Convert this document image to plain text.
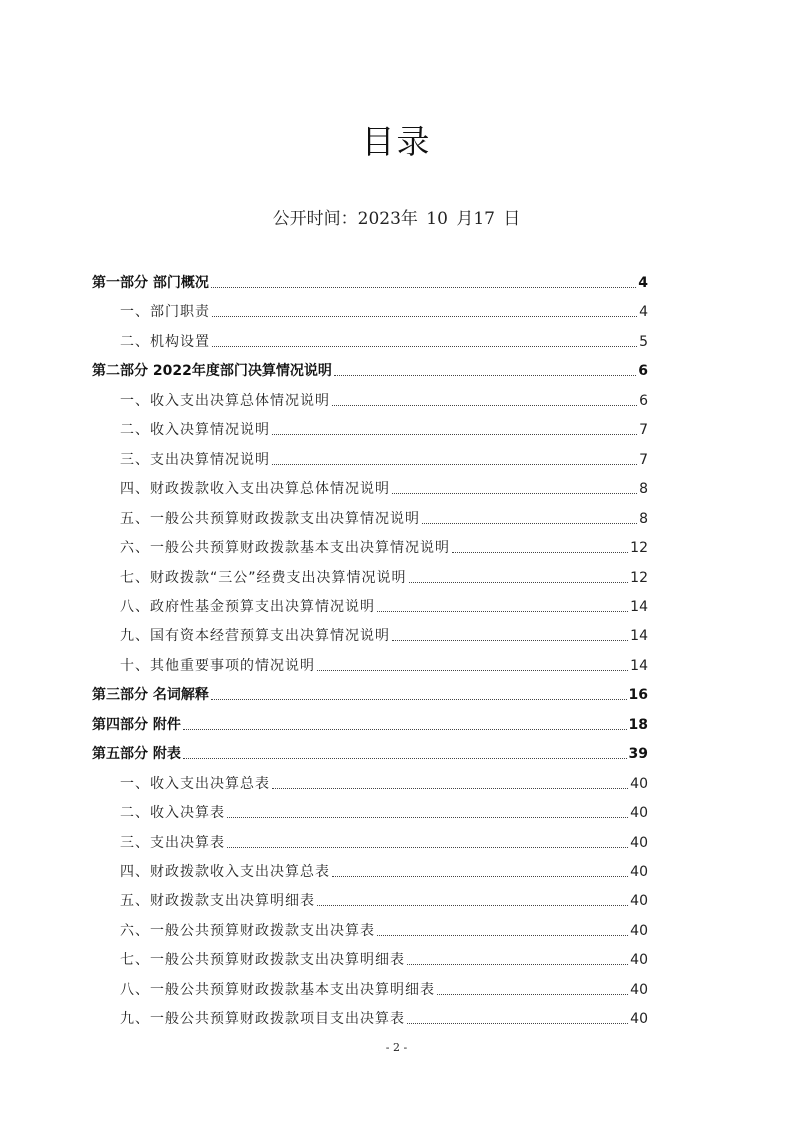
目录
公开时间：2023年 10 月17 日
第一部分 部门概况	4
一、部门职责	4
二、机构设置	5
第二部分 2022年度部门决算情况说明	6
一、收入支出决算总体情况说明	6
二、收入决算情况说明	7
三、支出决算情况说明	7
四、财政拨款收入支出决算总体情况说明	8
五、一般公共预算财政拨款支出决算情况说明	8
六、一般公共预算财政拨款基本支出决算情况说明	12
七、财政拨款“三公”经费支出决算情况说明	12
八、政府性基金预算支出决算情况说明	14
九、国有资本经营预算支出决算情况说明	14
十、其他重要事项的情况说明	14
第三部分 名词解释	16
第四部分 附件	18
第五部分 附表	39
一、收入支出决算总表	40
二、收入决算表	40
三、支出决算表	40
四、财政拨款收入支出决算总表	40
五、财政拨款支出决算明细表	40
六、一般公共预算财政拨款支出决算表	40
七、一般公共预算财政拨款支出决算明细表	40
八、一般公共预算财政拨款基本支出决算明细表	40
九、一般公共预算财政拨款项目支出决算表	40
- 2 -
